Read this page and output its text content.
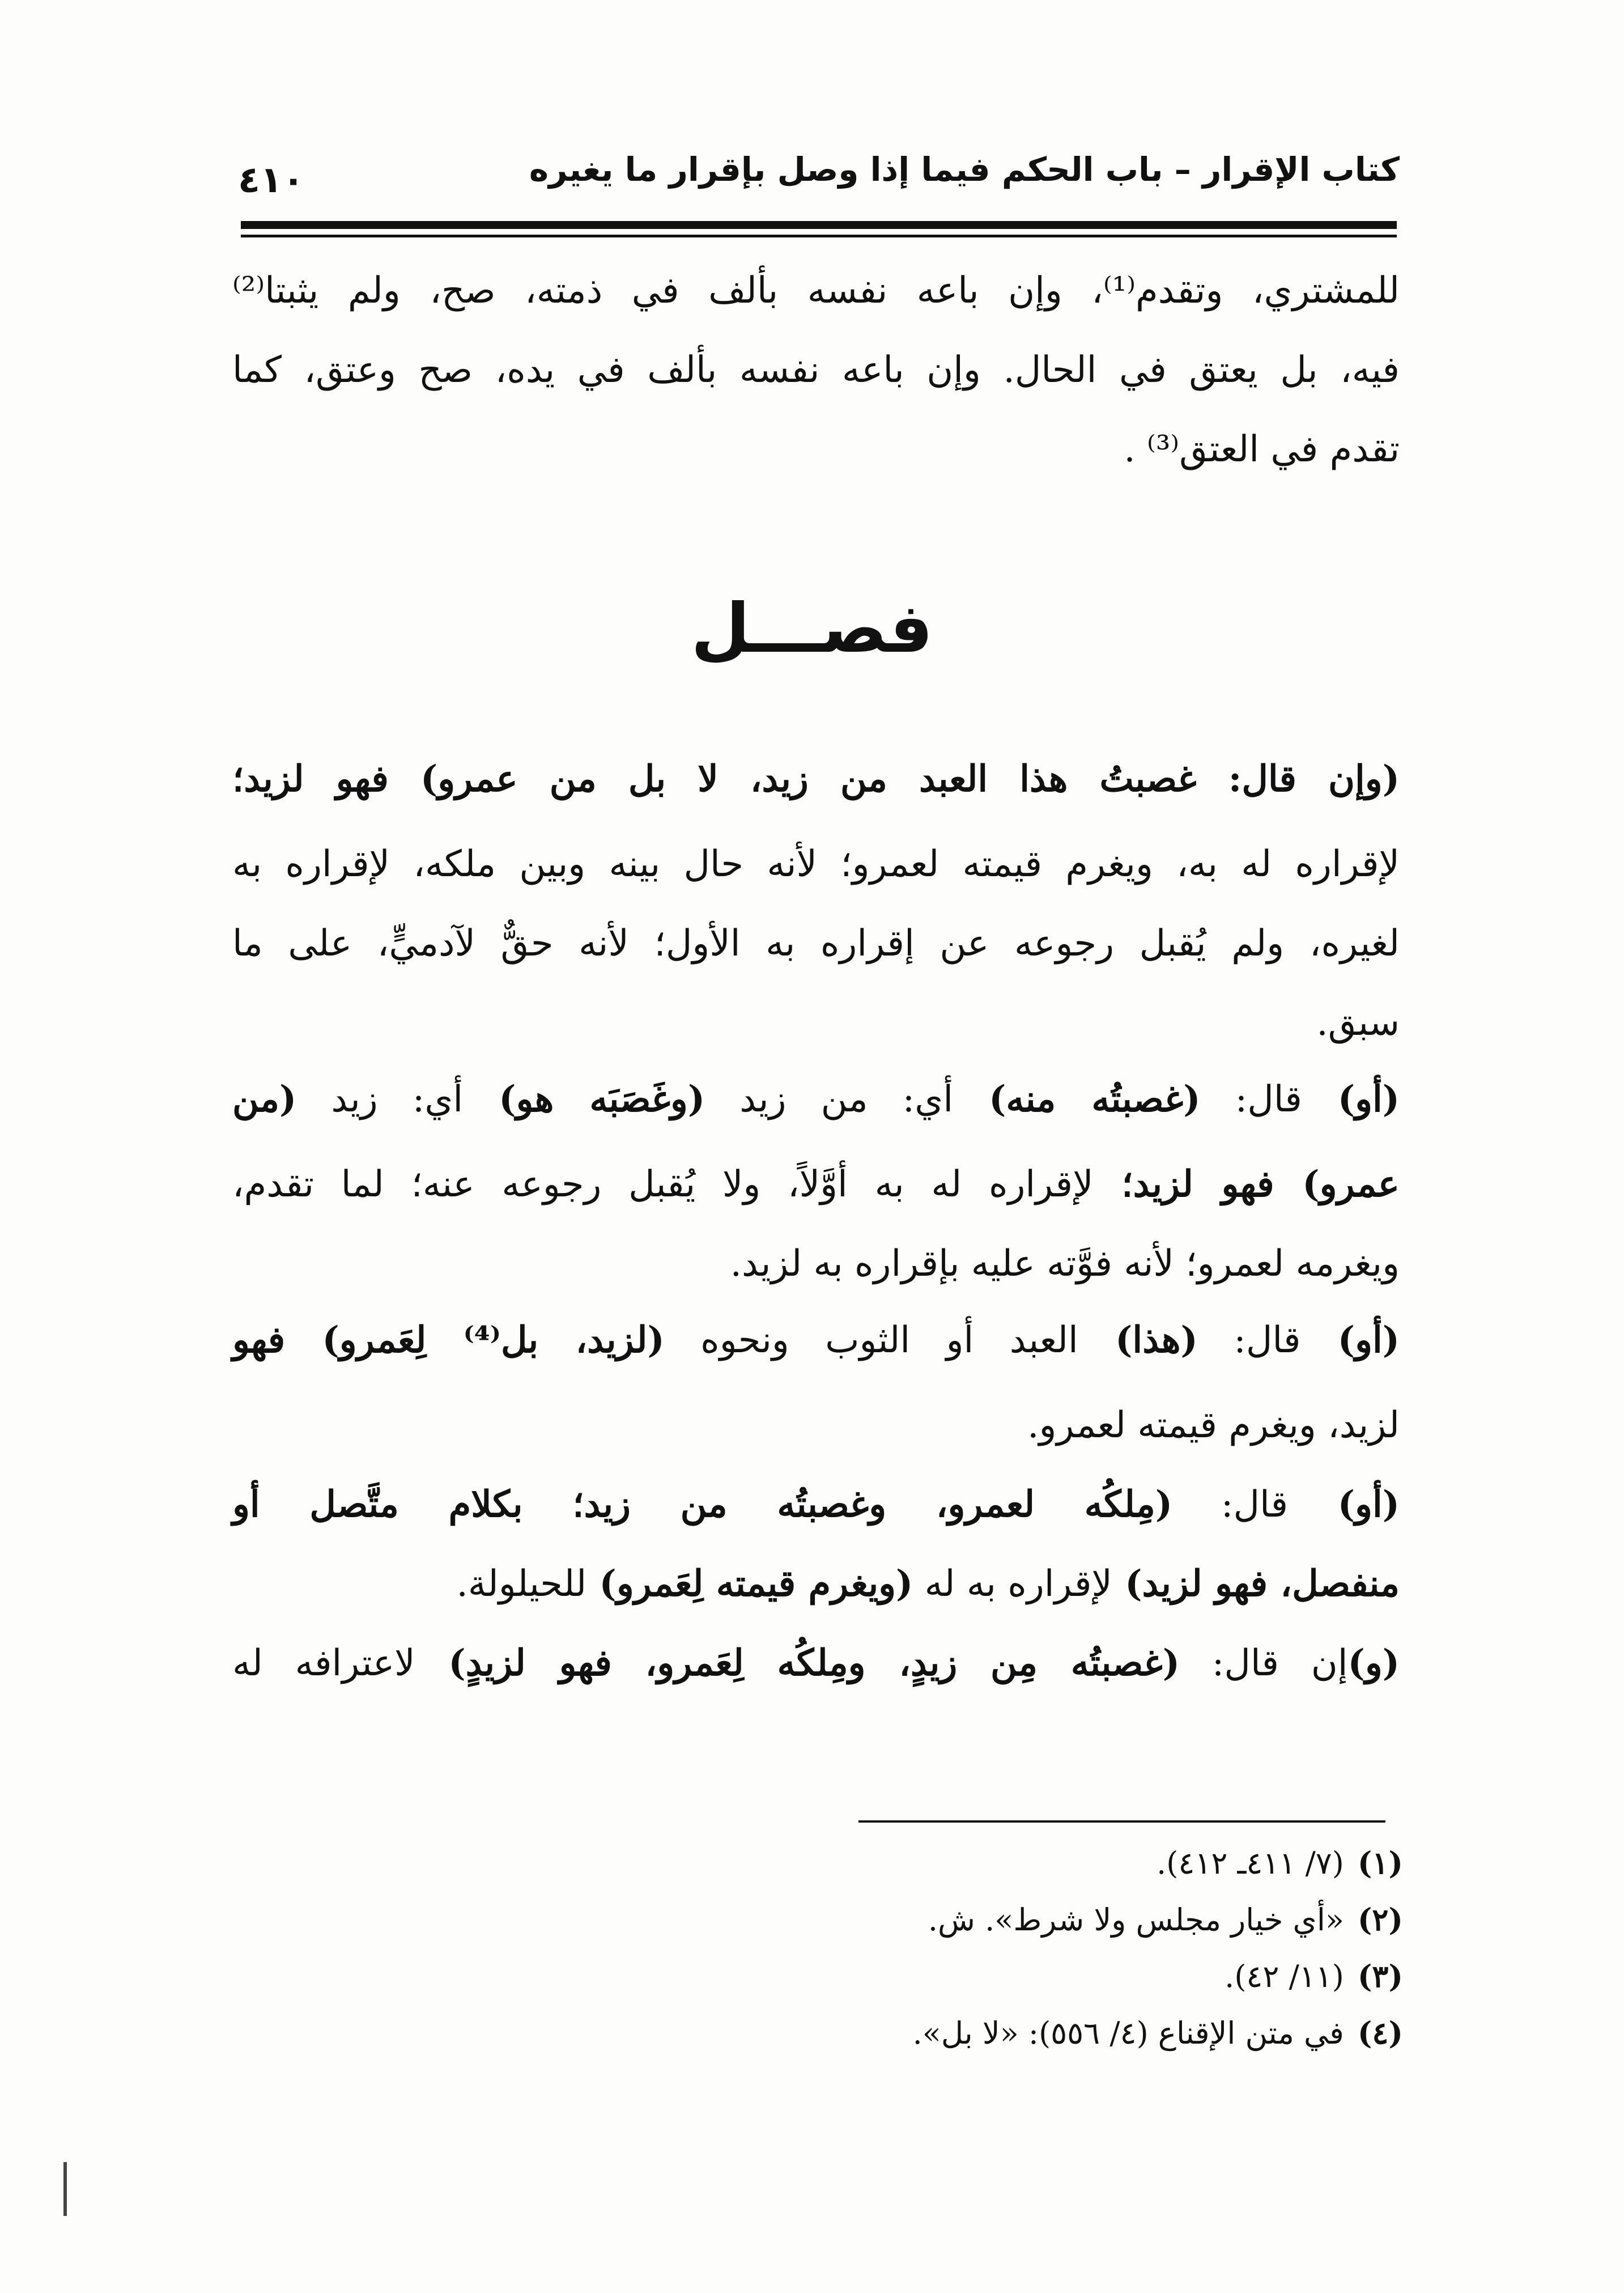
كتاب الإقرار – باب الحكم فيما إذا وصل بإقرار ما يغيره
٤١٠
فصـــل
للمشتري، وتقدم⁽¹⁾، وإن باعه نفسه بألف في ذمته، صح، ولم يثبتا⁽²⁾
فيه، بل يعتق في الحال. وإن باعه نفسه بألف في يده، صح وعتق، كما
تقدم في العتق⁽³⁾ .
(وإن قال: غصبتُ هذا العبد من زيد، لا بل من عمرو) فهو لزيد؛
لإقراره له به، ويغرم قيمته لعمرو؛ لأنه حال بينه وبين ملكه، لإقراره به
لغيره، ولم يُقبل رجوعه عن إقراره به الأول؛ لأنه حقٌّ لآدميٍّ، على ما
سبق.
(أو) قال: (غصبتُه منه) أي: من زيد (وغَصَبَه هو) أي: زيد (من
عمرو) فهو لزيد؛ لإقراره له به أوَّلاً، ولا يُقبل رجوعه عنه؛ لما تقدم،
ويغرمه لعمرو؛ لأنه فوَّته عليه بإقراره به لزيد.
(أو) قال: (هذا) العبد أو الثوب ونحوه (لزيد، بل⁽⁴⁾ لِعَمرو) فهو
لزيد، ويغرم قيمته لعمرو.
(أو) قال: (مِلكُه لعمرو، وغصبتُه من زيد؛ بكلام متَّصل أو
منفصل، فهو لزيد) لإقراره به له (ويغرم قيمته لِعَمرو) للحيلولة.
(و)إن قال: (غصبتُه مِن زيدٍ، ومِلكُه لِعَمرو، فهو لزيدٍ) لاعترافه له
(١)(٧/ ٤١١ـ ٤١٢).
(٢)«أي خيار مجلس ولا شرط». ش.
(٣)(١١/ ٤٢).
(٤)في متن الإقناع (٤/ ٥٥٦): «لا بل».
